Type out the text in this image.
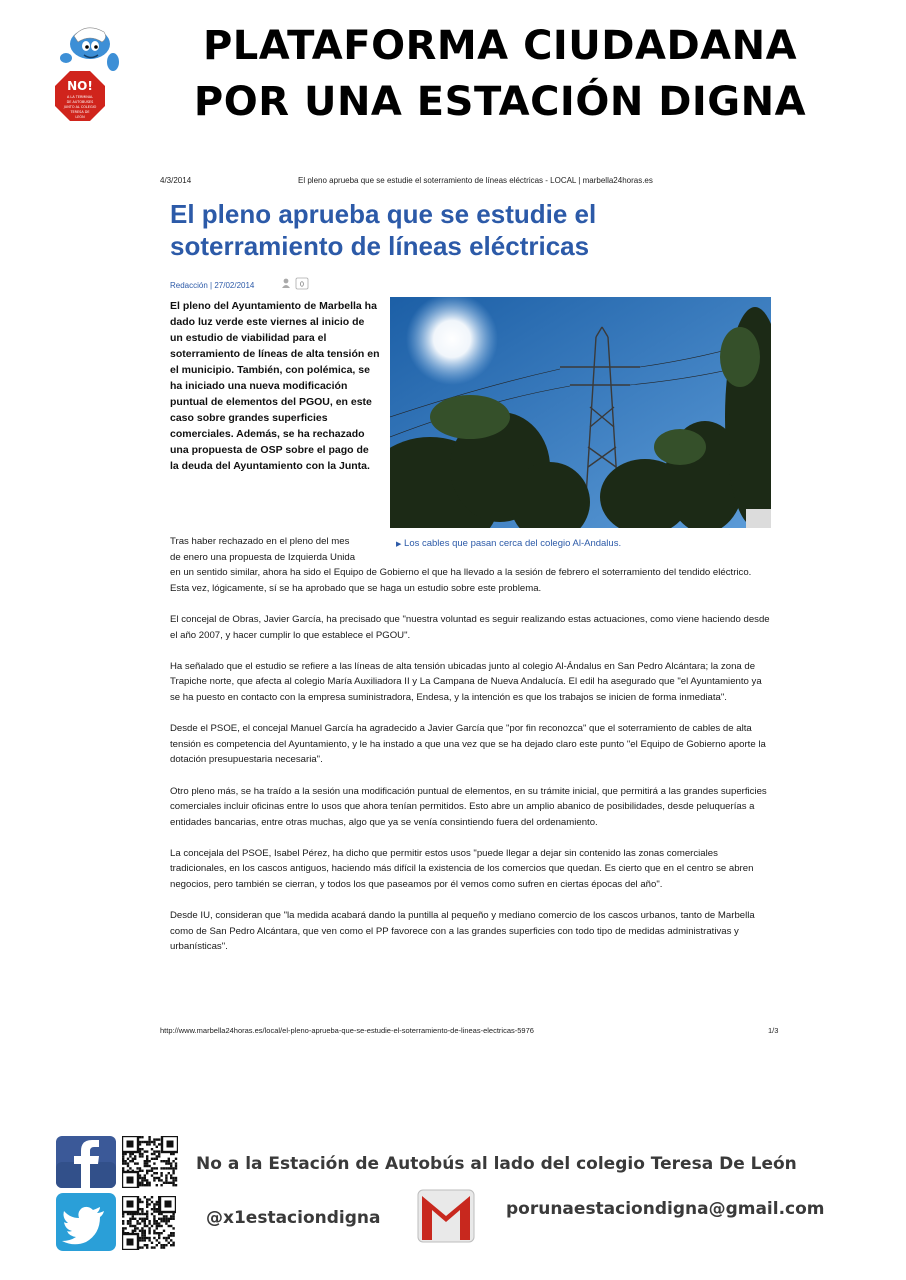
NO!
A LA TERMINAL
DE AUTOBUSES
JUNTO AL COLEGIO
TERESA DE
LEÓN
PLATAFORMA CIUDADANA
POR UNA ESTACIÓN DIGNA
4/3/2014	El pleno aprueba que se estudie el soterramiento de líneas eléctricas - LOCAL | marbella24horas.es
El pleno aprueba que se estudie el
soterramiento de líneas eléctricas
Redacción | 27/02/2014	0
El pleno del Ayuntamiento de Marbella ha dado luz verde este viernes al inicio de un estudio de viabilidad para el soterramiento de líneas de alta tensión en el municipio. También, con polémica, se ha iniciado una nueva modificación puntual de elementos del PGOU, en este caso sobre grandes superficies comerciales. Además, se ha rechazado una propuesta de OSP sobre el pago de la deuda del Ayuntamiento con la Junta.
▶ Los cables que pasan cerca del colegio Al-Andalus.

Tras haber rechazado en el pleno del mes de enero una propuesta de Izquierda Unida en un sentido similar, ahora ha sido el Equipo de Gobierno el que ha llevado a la sesión de febrero el soterramiento del tendido eléctrico. Esta vez, lógicamente, sí se ha aprobado que se haga un estudio sobre este problema.

El concejal de Obras, Javier García, ha precisado que "nuestra voluntad es seguir realizando estas actuaciones, como viene haciendo desde el año 2007, y hacer cumplir lo que establece el PGOU".

Ha señalado que el estudio se refiere a las líneas de alta tensión ubicadas junto al colegio Al-Ándalus en San Pedro Alcántara; la zona de Trapiche norte, que afecta al colegio María Auxiliadora II y La Campana de Nueva Andalucía. El edil ha asegurado que "el Ayuntamiento ya se ha puesto en contacto con la empresa suministradora, Endesa, y la intención es que los trabajos se inicien de forma inmediata".

Desde el PSOE, el concejal Manuel García ha agradecido a Javier García que "por fin reconozca" que el soterramiento de cables de alta tensión es competencia del Ayuntamiento, y le ha instado a que una vez que se ha dejado claro este punto "el Equipo de Gobierno aporte la dotación presupuestaria necesaria".

Otro pleno más, se ha traído a la sesión una modificación puntual de elementos, en su trámite inicial, que permitirá a las grandes superficies comerciales incluir oficinas entre lo usos que ahora tenían permitidos. Esto abre un amplio abanico de posibilidades, desde peluquerías a entidades bancarias, entre otras muchas, algo que ya se venía consintiendo fuera del ordenamiento.

La concejala del PSOE, Isabel Pérez, ha dicho que permitir estos usos "puede llegar a dejar sin contenido las zonas comerciales tradicionales, en los cascos antiguos, haciendo más difícil la existencia de los comercios que quedan. Es cierto que en el centro se abren negocios, pero también se cierran, y todos los que paseamos por él vemos como sufren en ciertas épocas del año".

Desde IU, consideran que "la medida acabará dando la puntilla al pequeño y mediano comercio de los cascos urbanos, tanto de Marbella como de San Pedro Alcántara, que ven como el PP favorece con a las grandes superficies con todo tipo de medidas administrativas y urbanísticas".

http://www.marbella24horas.es/local/el-pleno-aprueba-que-se-estudie-el-soterramiento-de-lineas-electricas-5976	1/3
No a la Estación de Autobús al lado del colegio Teresa De León
@x1estaciondigna	porunaestaciondigna@gmail.com
